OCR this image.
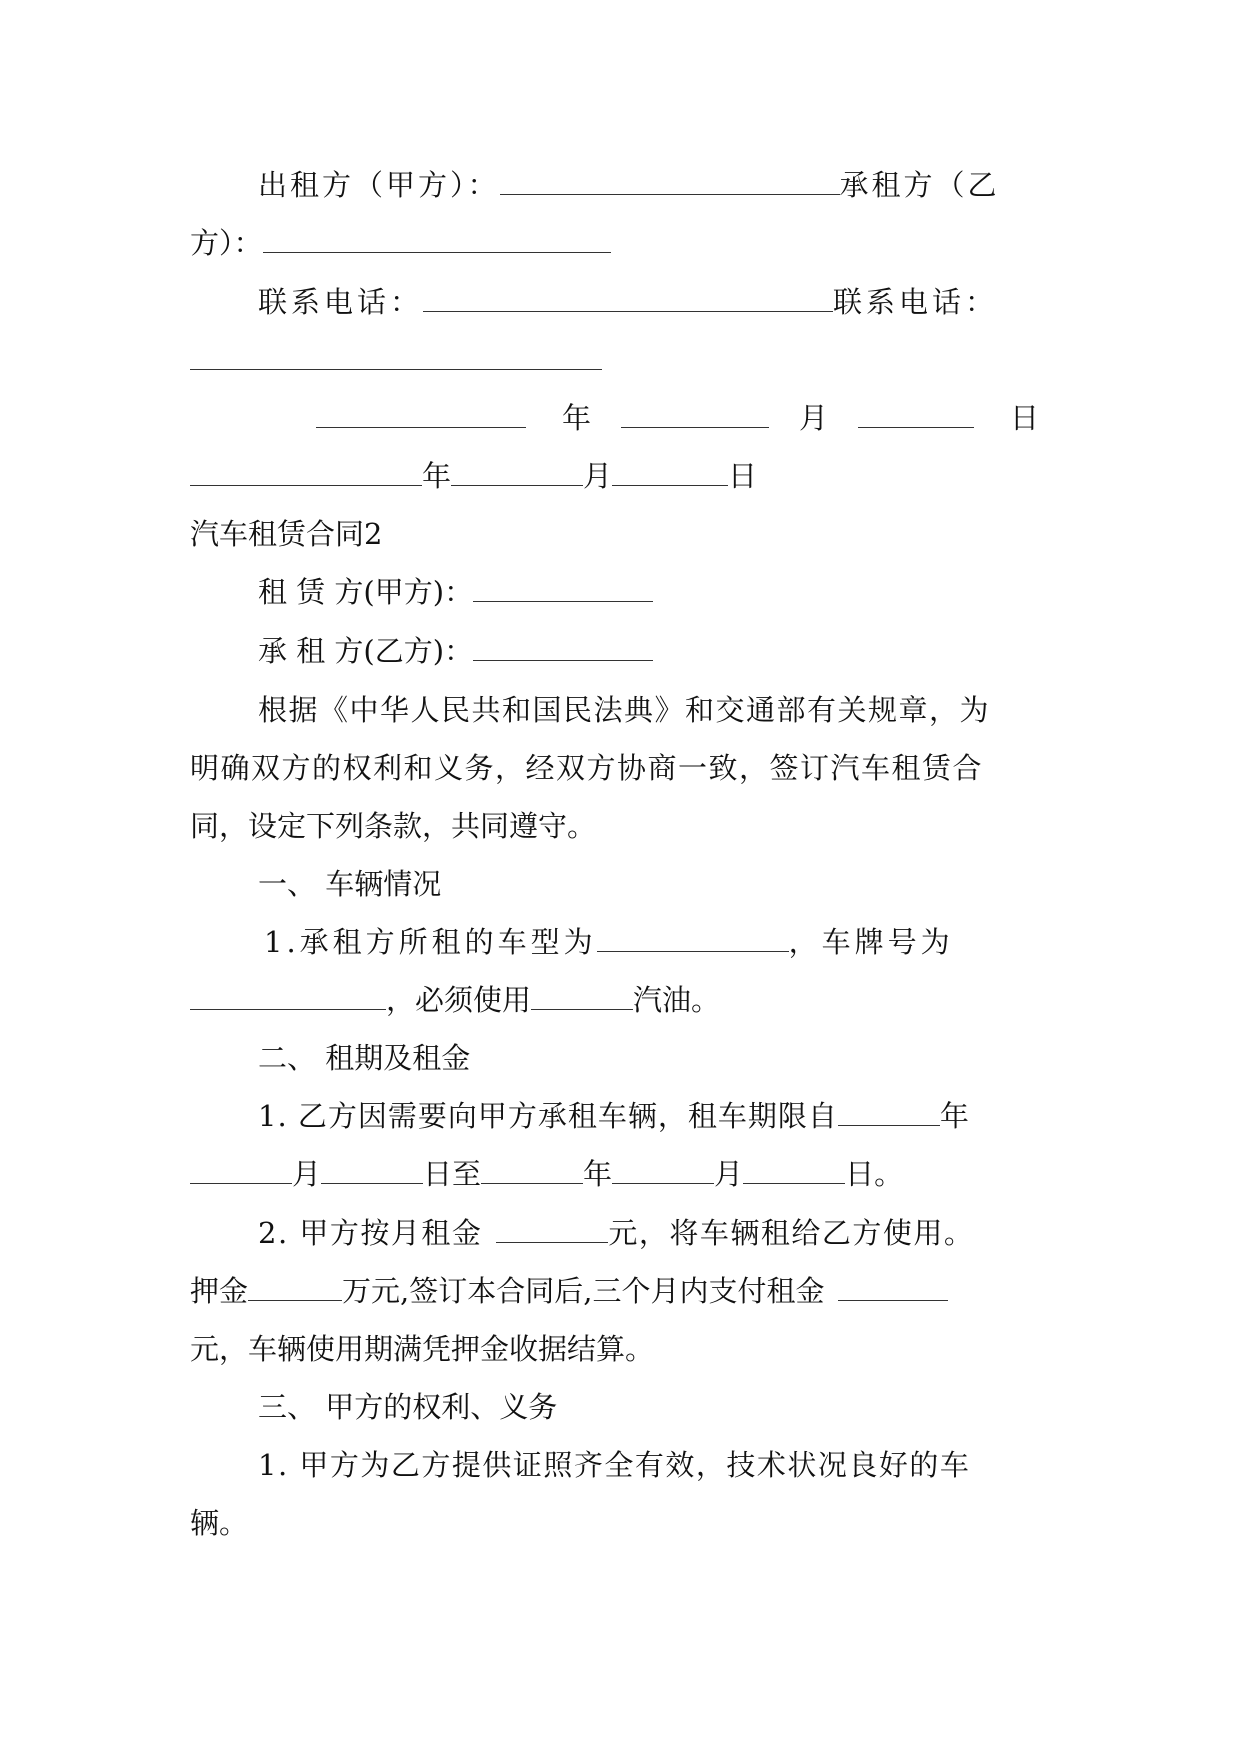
出租方（甲方）：	承租方（乙
方）：
联系电话：	联系电话：
年	月	日
年	月	日
汽车租赁合同2
租 赁 方(甲方)：
承 租 方(乙方)：
根据《中华人民共和国民法典》和交通部有关规章，为
明确双方的权利和义务，经双方协商一致，签订汽车租赁合
同，设定下列条款，共同遵守。
一、 车辆情况
1.承租方所租的车型为	，车牌号为
，必须使用	汽油。
二、 租期及租金
1. 乙方因需要向甲方承租车辆，租车期限自	年
月	日至	年	月	日。
2. 甲方按月租金	元，将车辆租给乙方使用。
押金	万元,签订本合同后,三个月内支付租金
元，车辆使用期满凭押金收据结算。
三、 甲方的权利、义务
1. 甲方为乙方提供证照齐全有效，技术状况良好的车
辆。
